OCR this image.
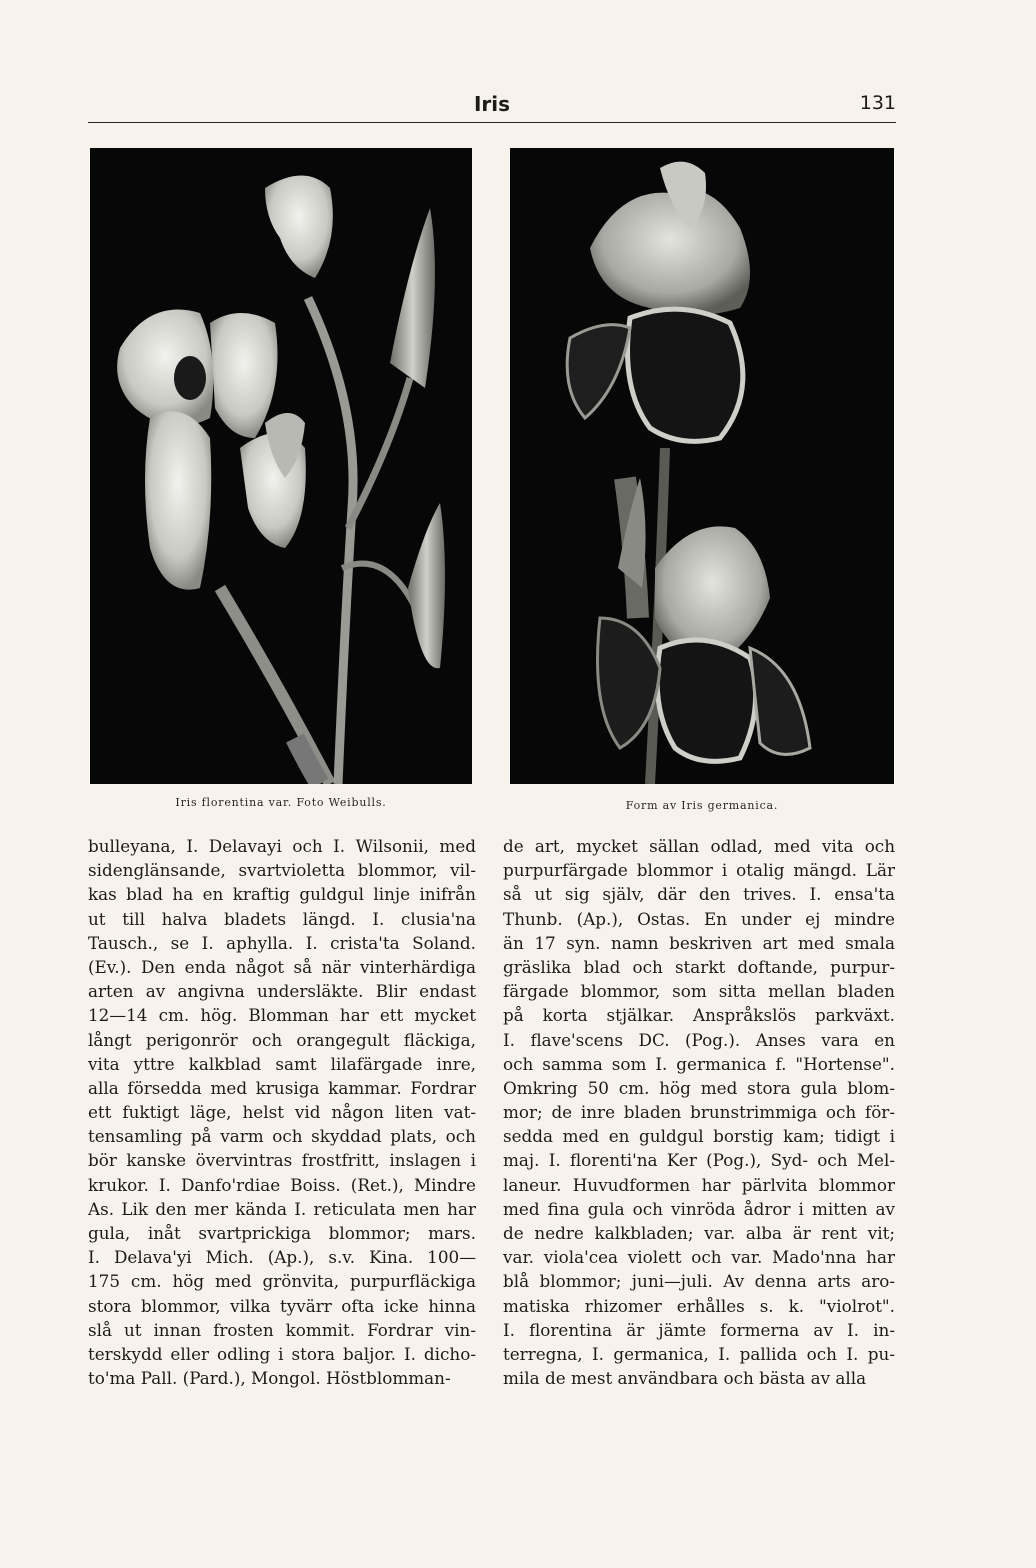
Iris	131
Iris florentina var. Foto Weibulls.	Form av Iris germanica.
bulleyana, I. Delavayi och I. Wilsonii, med
sidenglänsande, svartvioletta blommor, vil-
kas blad ha en kraftig guldgul linje inifrån
ut till halva bladets längd. I. clusia'na
Tausch., se I. aphylla. I. crista'ta Soland.
(Ev.). Den enda något så när vinterhärdiga
arten av angivna undersläkte. Blir endast
12—14 cm. hög. Blomman har ett mycket
långt perigonrör och orangegult fläckiga,
vita yttre kalkblad samt lilafärgade inre,
alla försedda med krusiga kammar. Fordrar
ett fuktigt läge, helst vid någon liten vat-
tensamling på varm och skyddad plats, och
bör kanske övervintras frostfritt, inslagen i
krukor. I. Danfo'rdiae Boiss. (Ret.), Mindre
As. Lik den mer kända I. reticulata men har
gula, inåt svartprickiga blommor; mars.
I. Delava'yi Mich. (Ap.), s.v. Kina. 100—
175 cm. hög med grönvita, purpurfläckiga
stora blommor, vilka tyvärr ofta icke hinna
slå ut innan frosten kommit. Fordrar vin-
terskydd eller odling i stora baljor. I. dicho-
to'ma Pall. (Pard.), Mongol. Höstblomman-
de art, mycket sällan odlad, med vita och
purpurfärgade blommor i otalig mängd. Lär
så ut sig själv, där den trives. I. ensa'ta
Thunb. (Ap.), Ostas. En under ej mindre
än 17 syn. namn beskriven art med smala
gräslika blad och starkt doftande, purpur-
färgade blommor, som sitta mellan bladen
på korta stjälkar. Anspråkslös parkväxt.
I. flave'scens DC. (Pog.). Anses vara en
och samma som I. germanica f. "Hortense".
Omkring 50 cm. hög med stora gula blom-
mor; de inre bladen brunstrimmiga och för-
sedda med en guldgul borstig kam; tidigt i
maj. I. florenti'na Ker (Pog.), Syd- och Mel-
laneur. Huvudformen har pärlvita blommor
med fina gula och vinröda ådror i mitten av
de nedre kalkbladen; var. alba är rent vit;
var. viola'cea violett och var. Mado'nna har
blå blommor; juni—juli. Av denna arts aro-
matiska rhizomer erhålles s. k. "violrot".
I. florentina är jämte formerna av I. in-
terregna, I. germanica, I. pallida och I. pu-
mila de mest användbara och bästa av alla
